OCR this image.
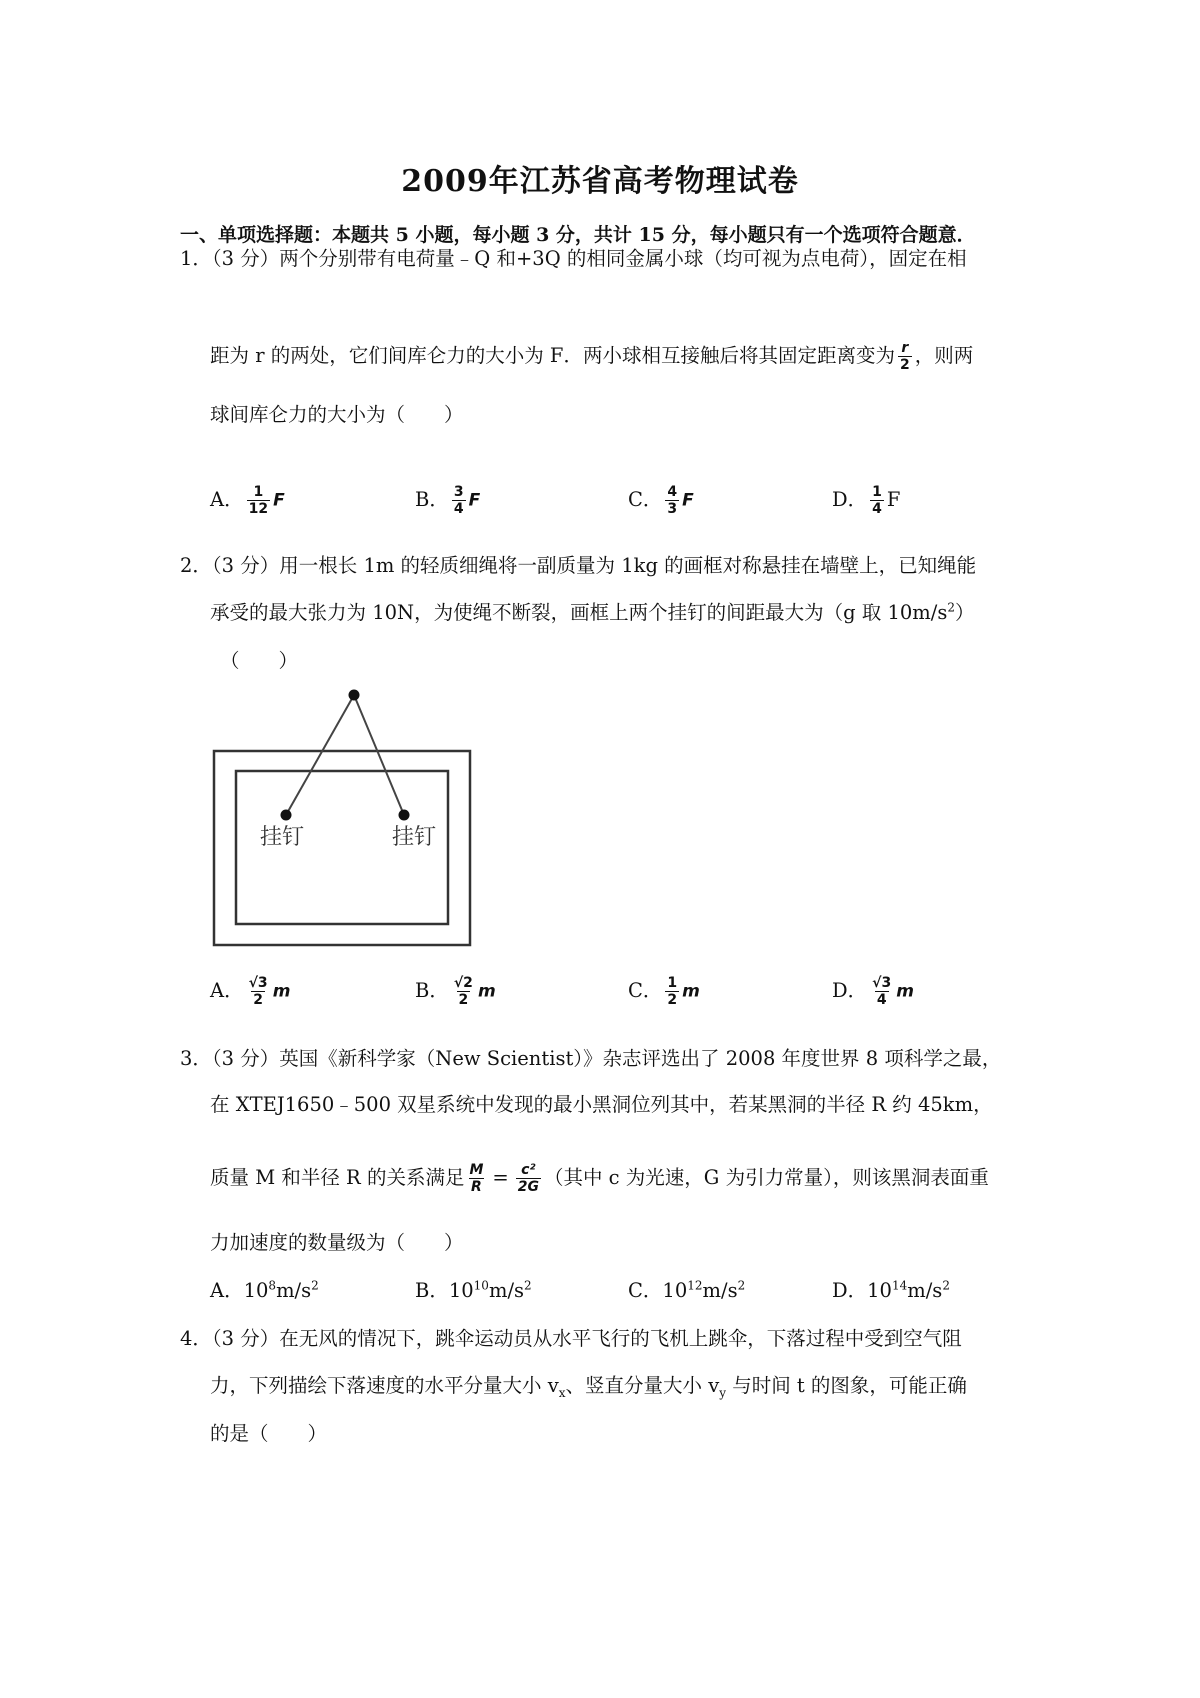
2009年江苏省高考物理试卷
一、单项选择题：本题共 5 小题，每小题 3 分，共计 15 分，每小题只有一个选项符合题意．
1．（3 分）两个分别带有电荷量﹣Q 和+3Q 的相同金属小球（均可视为点电荷），固定在相
距为 r 的两处，它们间库仑力的大小为 F．两小球相互接触后将其固定距离变为 $\frac{r}{2}$ ，则两
球间库仑力的大小为（　　）
A． $\frac{1}{12}$ F	B． $\frac{3}{4}$ F	C． $\frac{4}{3}$ F	D． $\frac{1}{4}$ F
2．（3 分）用一根长 1m 的轻质细绳将一副质量为 1kg 的画框对称悬挂在墙壁上，已知绳能
承受的最大张力为 10N，为使绳不断裂，画框上两个挂钉的间距最大为（g 取 $10m/s^2$）
（　　）
挂钉	挂钉
A． $\frac{√3}{2}$ m	B． $\frac{√2}{2}$ m	C． $\frac{1}{2}$ m	D． $\frac{√3}{4}$ m
3．（3 分）英国《新科学家（New Scientist）》杂志评选出了 2008 年度世界 8 项科学之最，
在 XTEJ1650﹣500 双星系统中发现的最小黑洞位列其中，若某黑洞的半径 R 约 45km，
质量 M 和半径 R 的关系满足 $\frac{M}{R} = \frac{\text{c²}}{2G}$ （其中 c 为光速，G 为引力常量），则该黑洞表面重
力加速度的数量级为（　　）
A．$10^8m/s^2$	B．$10^{10}m/s^2$	C．$10^{12}m/s^2$	D．$10^{14}m/s^2$
4．（3 分）在无风的情况下，跳伞运动员从水平飞行的飞机上跳伞，下落过程中受到空气阻
力，下列描绘下落速度的水平分量大小 $v_x$、竖直分量大小 $v_y$ 与时间 t 的图象，可能正确
的是（　　）
